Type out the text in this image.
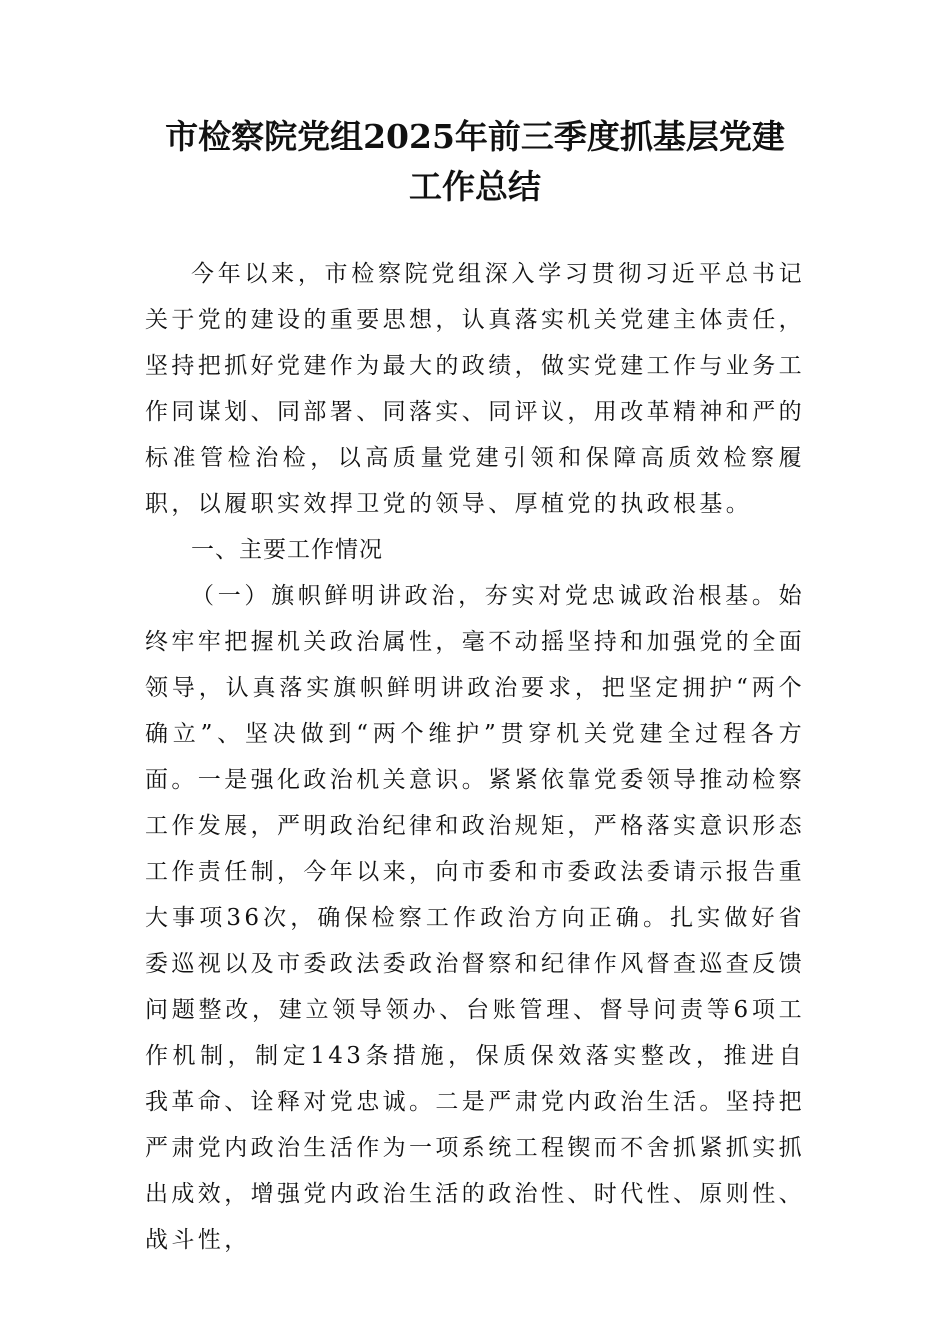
市检察院党组2025年前三季度抓基层党建
工作总结

今年以来，市检察院党组深入学习贯彻习近平总书记关于党的建设的重要思想，认真落实机关党建主体责任，坚持把抓好党建作为最大的政绩，做实党建工作与业务工作同谋划、同部署、同落实、同评议，用改革精神和严的标准管检治检，以高质量党建引领和保障高质效检察履职，以履职实效捍卫党的领导、厚植党的执政根基。

一、主要工作情况

（一）旗帜鲜明讲政治，夯实对党忠诚政治根基。始终牢牢把握机关政治属性，毫不动摇坚持和加强党的全面领导，认真落实旗帜鲜明讲政治要求，把坚定拥护“两个确立”、坚决做到“两个维护”贯穿机关党建全过程各方面。一是强化政治机关意识。紧紧依靠党委领导推动检察工作发展，严明政治纪律和政治规矩，严格落实意识形态工作责任制，今年以来，向市委和市委政法委请示报告重大事项36次，确保检察工作政治方向正确。扎实做好省委巡视以及市委政法委政治督察和纪律作风督查巡查反馈问题整改，建立领导领办、台账管理、督导问责等6项工作机制，制定143条措施，保质保效落实整改，推进自我革命、诠释对党忠诚。二是严肃党内政治生活。坚持把严肃党内政治生活作为一项系统工程锲而不舍抓紧抓实抓出成效，增强党内政治生活的政治性、时代性、原则性、战斗性，
